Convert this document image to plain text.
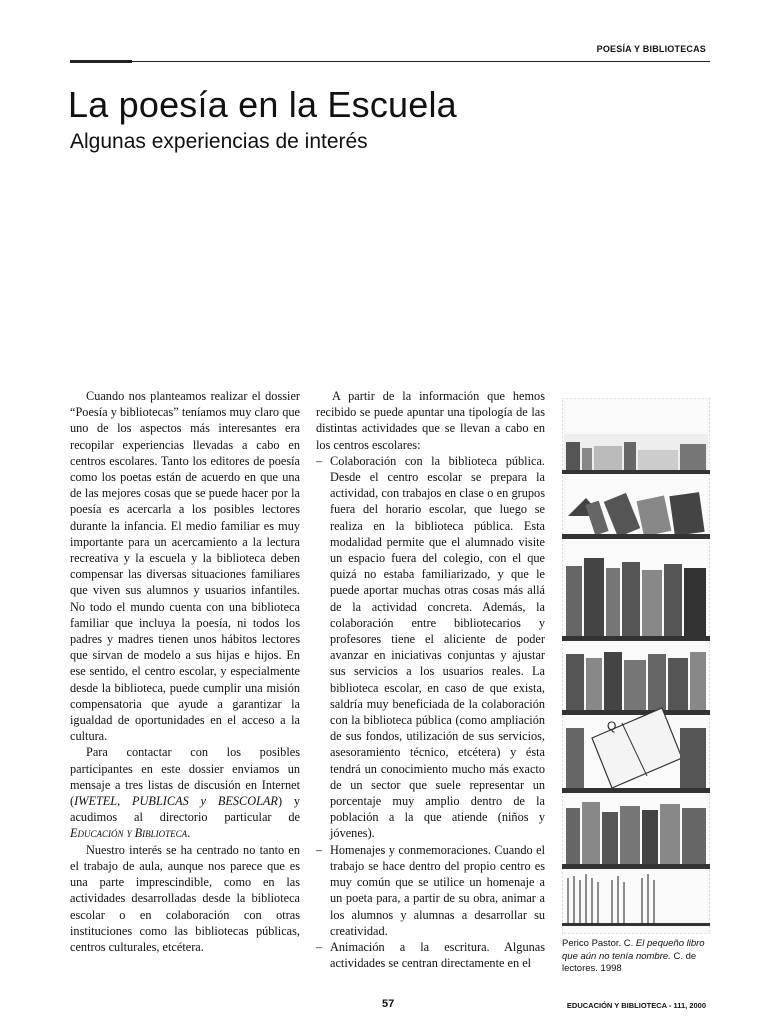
POESÍA Y BIBLIOTECAS
La poesía en la Escuela
Algunas experiencias de interés

Cuando nos planteamos realizar el dossier “Poesía y bibliotecas” teníamos muy claro que uno de los aspectos más interesantes era recopilar experiencias llevadas a cabo en centros escolares. Tanto los editores de poesía como los poetas están de acuerdo en que una de las mejores cosas que se puede hacer por la poesía es acercarla a los posibles lectores durante la infancia. El medio familiar es muy importante para un acercamiento a la lectura recreativa y la escuela y la biblioteca deben compensar las diversas situaciones familiares que viven sus alumnos y usuarios infantiles. No todo el mundo cuenta con una biblioteca familiar que incluya la poesía, ni todos los padres y madres tienen unos hábitos lectores que sirvan de modelo a sus hijas e hijos. En ese sentido, el centro escolar, y especialmente desde la biblioteca, puede cumplir una misión compensatoria que ayude a garantizar la igualdad de oportunidades en el acceso a la cultura.

Para contactar con los posibles participantes en este dossier enviamos un mensaje a tres listas de discusión en Internet (IWETEL, PUBLICAS y BESCOLAR) y acudimos al directorio particular de Educación y Biblioteca.

Nuestro interés se ha centrado no tanto en el trabajo de aula, aunque nos parece que es una parte imprescindible, como en las actividades desarrolladas desde la biblioteca escolar o en colaboración con otras instituciones como las bibliotecas públicas, centros culturales, etcétera.

A partir de la información que hemos recibido se puede apuntar una tipología de las distintas actividades que se llevan a cabo en los centros escolares:

– Colaboración con la biblioteca pública. Desde el centro escolar se prepara la actividad, con trabajos en clase o en grupos fuera del horario escolar, que luego se realiza en la biblioteca pública. Esta modalidad permite que el alumnado visite un espacio fuera del colegio, con el que quizá no estaba familiarizado, y que le puede aportar muchas otras cosas más allá de la actividad concreta. Además, la colaboración entre bibliotecarios y profesores tiene el aliciente de poder avanzar en iniciativas conjuntas y ajustar sus servicios a los usuarios reales. La biblioteca escolar, en caso de que exista, saldría muy beneficiada de la colaboración con la biblioteca pública (como ampliación de sus fondos, utilización de sus servicios, asesoramiento técnico, etcétera) y ésta tendrá un conocimiento mucho más exacto de un sector que suele representar un porcentaje muy amplio dentro de la población a la que atiende (niños y jóvenes).
– Homenajes y conmemoraciones. Cuando el trabajo se hace dentro del propio centro es muy común que se utilice un homenaje a un poeta para, a partir de su obra, animar a los alumnos y alumnas a desarrollar su creatividad.
– Animación a la escritura. Algunas actividades se centran directamente en el
Q
Perico Pastor. C. El pequeño libro que aún no tenía nombre. C. de lectores. 1998
57	EDUCACIÓN Y BIBLIOTECA - 111, 2000
